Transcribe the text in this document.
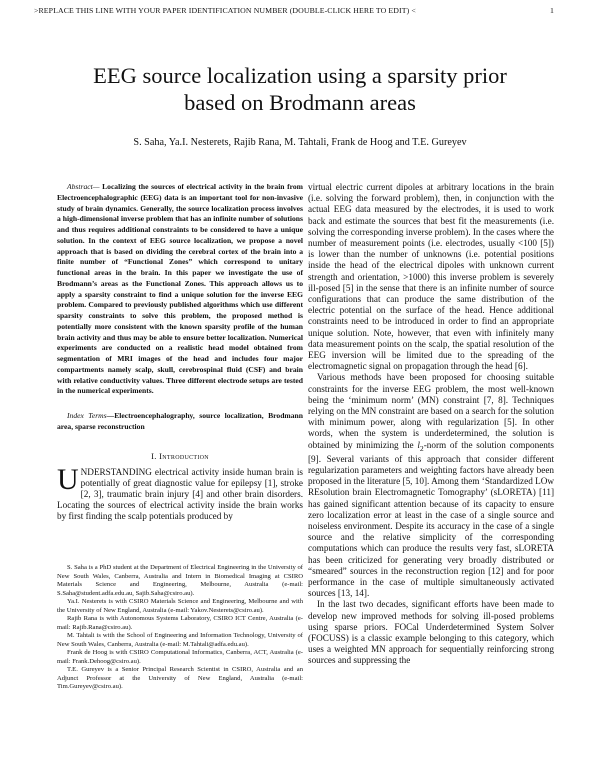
>REPLACE THIS LINE WITH YOUR PAPER IDENTIFICATION NUMBER (DOUBLE-CLICK HERE TO EDIT) <	1
EEG source localization using a sparsity prior
based on Brodmann areas
S. Saha, Ya.I. Nesterets, Rajib Rana, M. Tahtali, Frank de Hoog and T.E. Gureyev

Abstract— Localizing the sources of electrical activity in the brain from Electroencephalographic (EEG) data is an important tool for non-invasive study of brain dynamics. Generally, the source localization process involves a high-dimensional inverse problem that has an infinite number of solutions and thus requires additional constraints to be considered to have a unique solution. In the context of EEG source localization, we propose a novel approach that is based on dividing the cerebral cortex of the brain into a finite number of “Functional Zones” which correspond to unitary functional areas in the brain. In this paper we investigate the use of Brodmann’s areas as the Functional Zones. This approach allows us to apply a sparsity constraint to find a unique solution for the inverse EEG problem. Compared to previously published algorithms which use different sparsity constraints to solve this problem, the proposed method is potentially more consistent with the known sparsity profile of the human brain activity and thus may be able to ensure better localization. Numerical experiments are conducted on a realistic head model obtained from segmentation of MRI images of the head and includes four major compartments namely scalp, skull, cerebrospinal fluid (CSF) and brain with relative conductivity values. Three different electrode setups are tested in the numerical experiments.

Index Terms—Electroencephalography, source localization, Brodmann area, sparse reconstruction

I. Introduction

UNDERSTANDING electrical activity inside human brain is potentially of great diagnostic value for epilepsy [1], stroke [2, 3], traumatic brain injury [4] and other brain disorders. Locating the sources of electrical activity inside the brain works by first finding the scalp potentials produced by

S. Saha is a PhD student at the Department of Electrical Engineering in the University of New South Wales, Canberra, Australia and Intern in Biomedical Imaging at CSIRO Materials Science and Engineering, Melbourne, Australia (e-mail: S.Saha@student.adfa.edu.au, Sajib.Saha@csiro.au).

Ya.I. Nesterets is with CSIRO Materials Science and Engineering, Melbourne and with the University of New England, Australia (e-mail: Yakov.Nesterets@csiro.au).

Rajib Rana is with Autonomous Systems Laboratory, CSIRO ICT Centre, Australia (e-mail: Rajib.Rana@csiro.au).

M. Tahtali is with the School of Engineering and Information Technology, University of New South Wales, Canberra, Australia (e-mail: M.Tahtali@adfa.edu.au).

Frank de Hoog is with CSIRO Computational Informatics, Canberra, ACT, Australia (e-mail: Frank.Dehoog@csiro.au).

T.E. Gureyev is a Senior Principal Research Scientist in CSIRO, Australia and an Adjunct Professor at the University of New England, Australia (e-mail: Tim.Gureyev@csiro.au).

virtual electric current dipoles at arbitrary locations in the brain (i.e. solving the forward problem), then, in conjunction with the actual EEG data measured by the electrodes, it is used to work back and estimate the sources that best fit the measurements (i.e. solving the corresponding inverse problem). In the cases where the number of measurement points (i.e. electrodes, usually <100 [5]) is lower than the number of unknowns (i.e. potential positions inside the head of the electrical dipoles with unknown current strength and orientation, >1000) this inverse problem is severely ill-posed [5] in the sense that there is an infinite number of source configurations that can produce the same distribution of the electric potential on the surface of the head. Hence additional constraints need to be introduced in order to find an appropriate unique solution. Note, however, that even with infinitely many data measurement points on the scalp, the spatial resolution of the EEG inversion will be limited due to the spreading of the electromagnetic signal on propagation through the head [6].

Various methods have been proposed for choosing suitable constraints for the inverse EEG problem, the most well-known being the ‘minimum norm’ (MN) constraint [7, 8]. Techniques relying on the MN constraint are based on a search for the solution with minimum power, along with regularization [5]. In other words, when the system is underdetermined, the solution is obtained by minimizing the $l_2$-norm of the solution components [9]. Several variants of this approach that consider different regularization parameters and weighting factors have already been proposed in the literature [5, 10]. Among them ‘Standardized LOw REsolution brain Electromagnetic Tomography’ (sLORETA) [11] has gained significant attention because of its capacity to ensure zero localization error at least in the case of a single source and noiseless environment. Despite its accuracy in the case of a single source and the relative simplicity of the corresponding computations which can produce the results very fast, sLORETA has been criticized for generating very broadly distributed or “smeared” sources in the reconstruction region [12] and for poor performance in the case of multiple simultaneously activated sources [13, 14].

In the last two decades, significant efforts have been made to develop new improved methods for solving ill-posed problems using sparse priors. FOCal Underdetermined System Solver (FOCUSS) is a classic example belonging to this category, which uses a weighted MN approach for sequentially reinforcing strong sources and suppressing the
